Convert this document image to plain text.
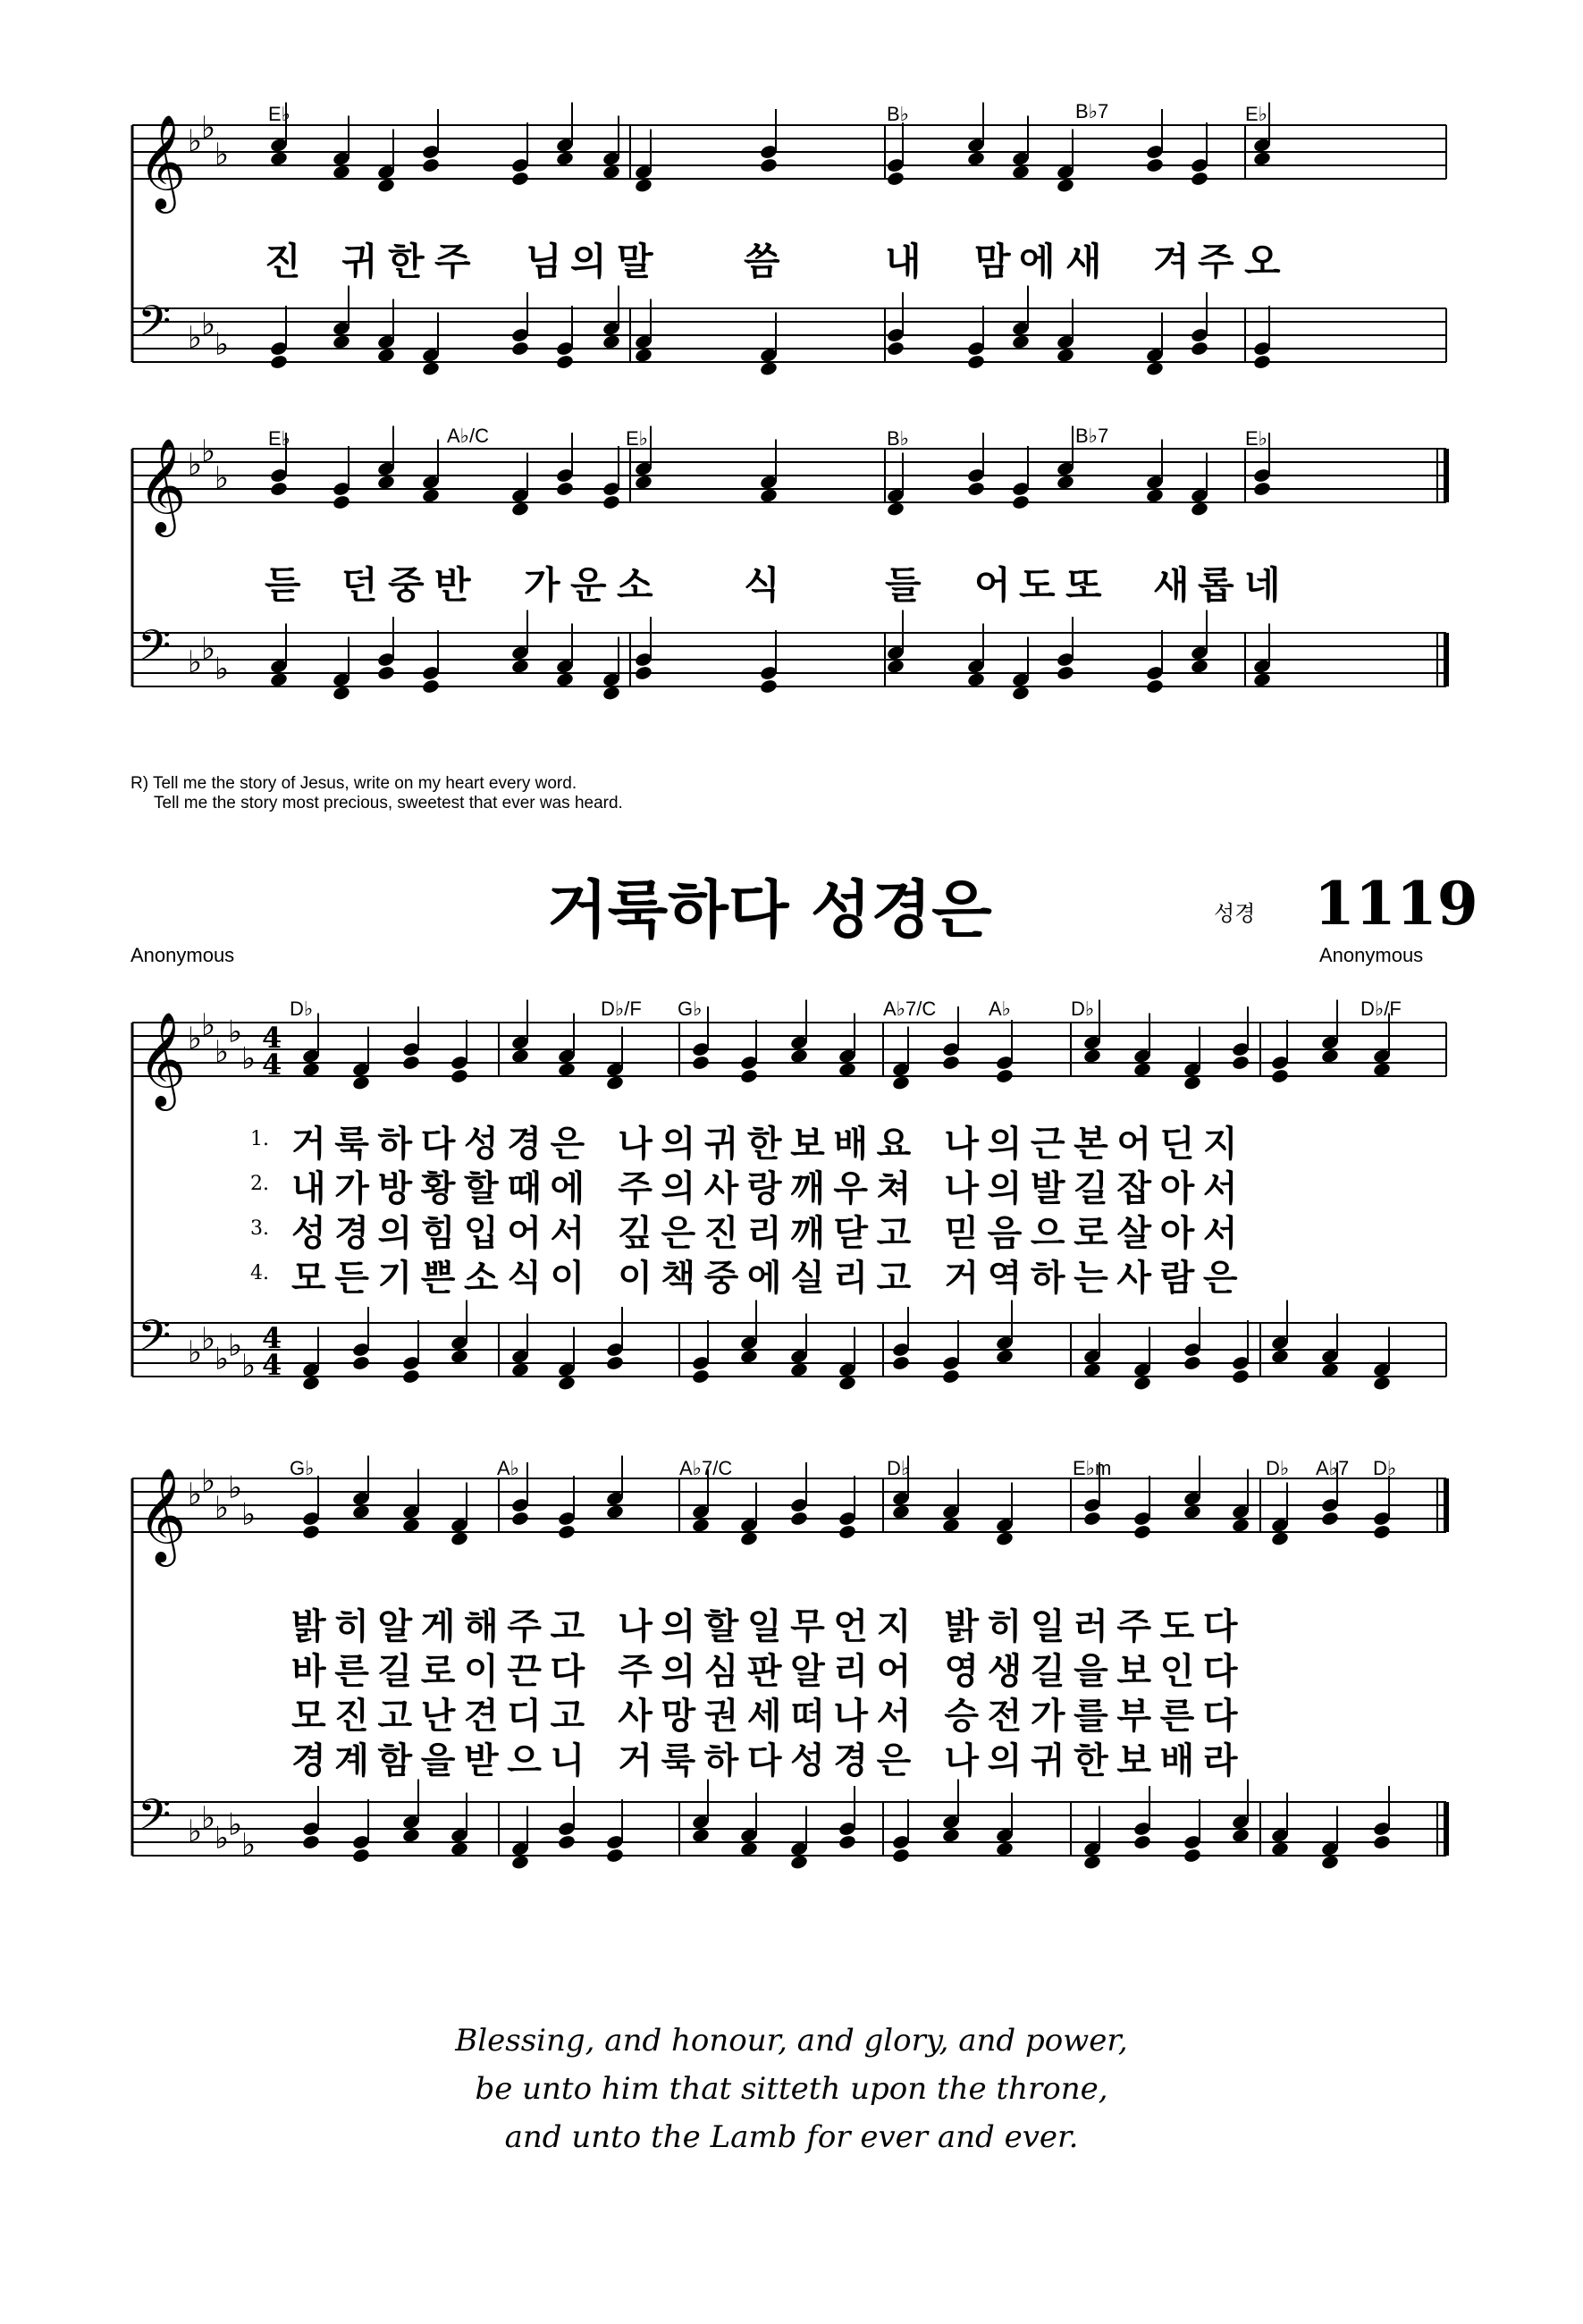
𝄞 ♭
♭
♭
𝄢 ♭
♭
♭
𝄞 ♭
♭
♭
𝄢 ♭
♭
♭
𝄞 ♭
♭
♭
♭
♭
4
4
𝄢 ♭
♭
♭
♭
♭
4
4
𝄞 ♭
♭
♭
♭
♭
𝄢 ♭
♭
♭
♭
♭
E♭	B♭	B♭7	E♭
진 귀 한 주 님 의 말 씀	내 맘 에 새 겨 주 오
E♭	A♭/C	E♭	B♭	B♭7	E♭
듣 던 중 반 가 운 소 식	들 어 도 또 새 롭 네
R) Tell me the story of Jesus, write on my heart every word.
Tell me the story most precious, sweetest that ever was heard.
거룩하다 성경은	성경 1119
Anonymous	Anonymous
D♭	D♭/F G♭	A♭7/C	A♭	D♭	D♭/F
1.
2.
3.
4.
거룩하다성경은 나의귀한보배요 나의근본어딘지
내가방황할때에 주의사랑깨우쳐 나의발길잡아서
성경의힘입어서 깊은진리깨닫고 믿음으로살아서
모든기쁜소식이 이책중에실리고 거역하는사람은
G♭	A♭	A♭7/C	D♭	E♭m	D♭ A♭7 D♭
밝히알게해주고 나의할일무언지 밝히일러주도다
바른길로이끈다 주의심판알리어 영생길을보인다
모진고난견디고 사망권세떠나서 승전가를부른다
경계함을받으니 거룩하다성경은 나의귀한보배라
Blessing, and honour, and glory, and power,
be unto him that sitteth upon the throne,
and unto the Lamb for ever and ever.
